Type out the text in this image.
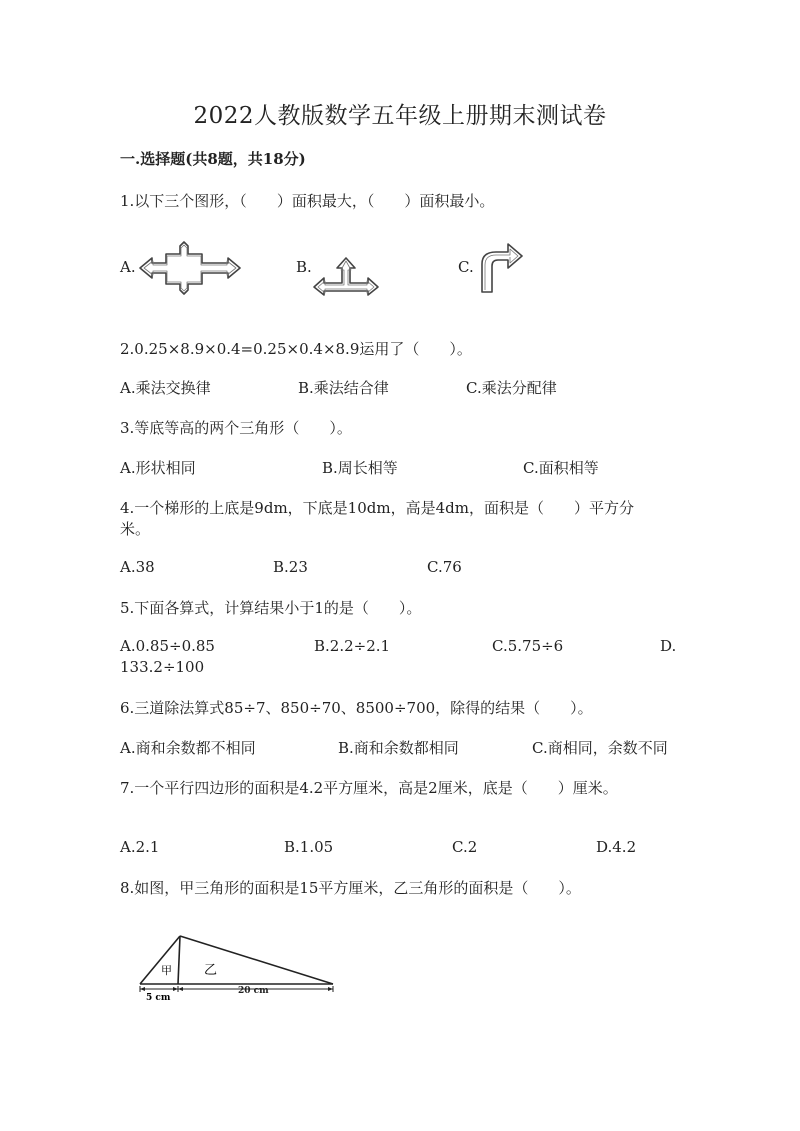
2022人教版数学五年级上册期末测试卷
一.选择题(共8题，共18分)
1.以下三个图形，（　　）面积最大，（　　）面积最小。
A.	B.	C.
2.0.25×8.9×0.4=0.25×0.4×8.9运用了（　　）。
A.乘法交换律	B.乘法结合律	C.乘法分配律
3.等底等高的两个三角形（　　）。
A.形状相同	B.周长相等	C.面积相等
4.一个梯形的上底是9dm，下底是10dm，高是4dm，面积是（　　）平方分
米。
A.38	B.23	C.76
5.下面各算式，计算结果小于1的是（　　）。
A.0.85÷0.85	B.2.2÷2.1	C.5.75÷6	D.
133.2÷100
6.三道除法算式85÷7、850÷70、8500÷700，除得的结果（　　）。
A.商和余数都不相同	B.商和余数都相同	C.商相同，余数不同
7.一个平行四边形的面积是4.2平方厘米，高是2厘米，底是（　　）厘米。
A.2.1	B.1.05	C.2	D.4.2
8.如图，甲三角形的面积是15平方厘米，乙三角形的面积是（　　）。
甲 乙
5 cm
20 cm
